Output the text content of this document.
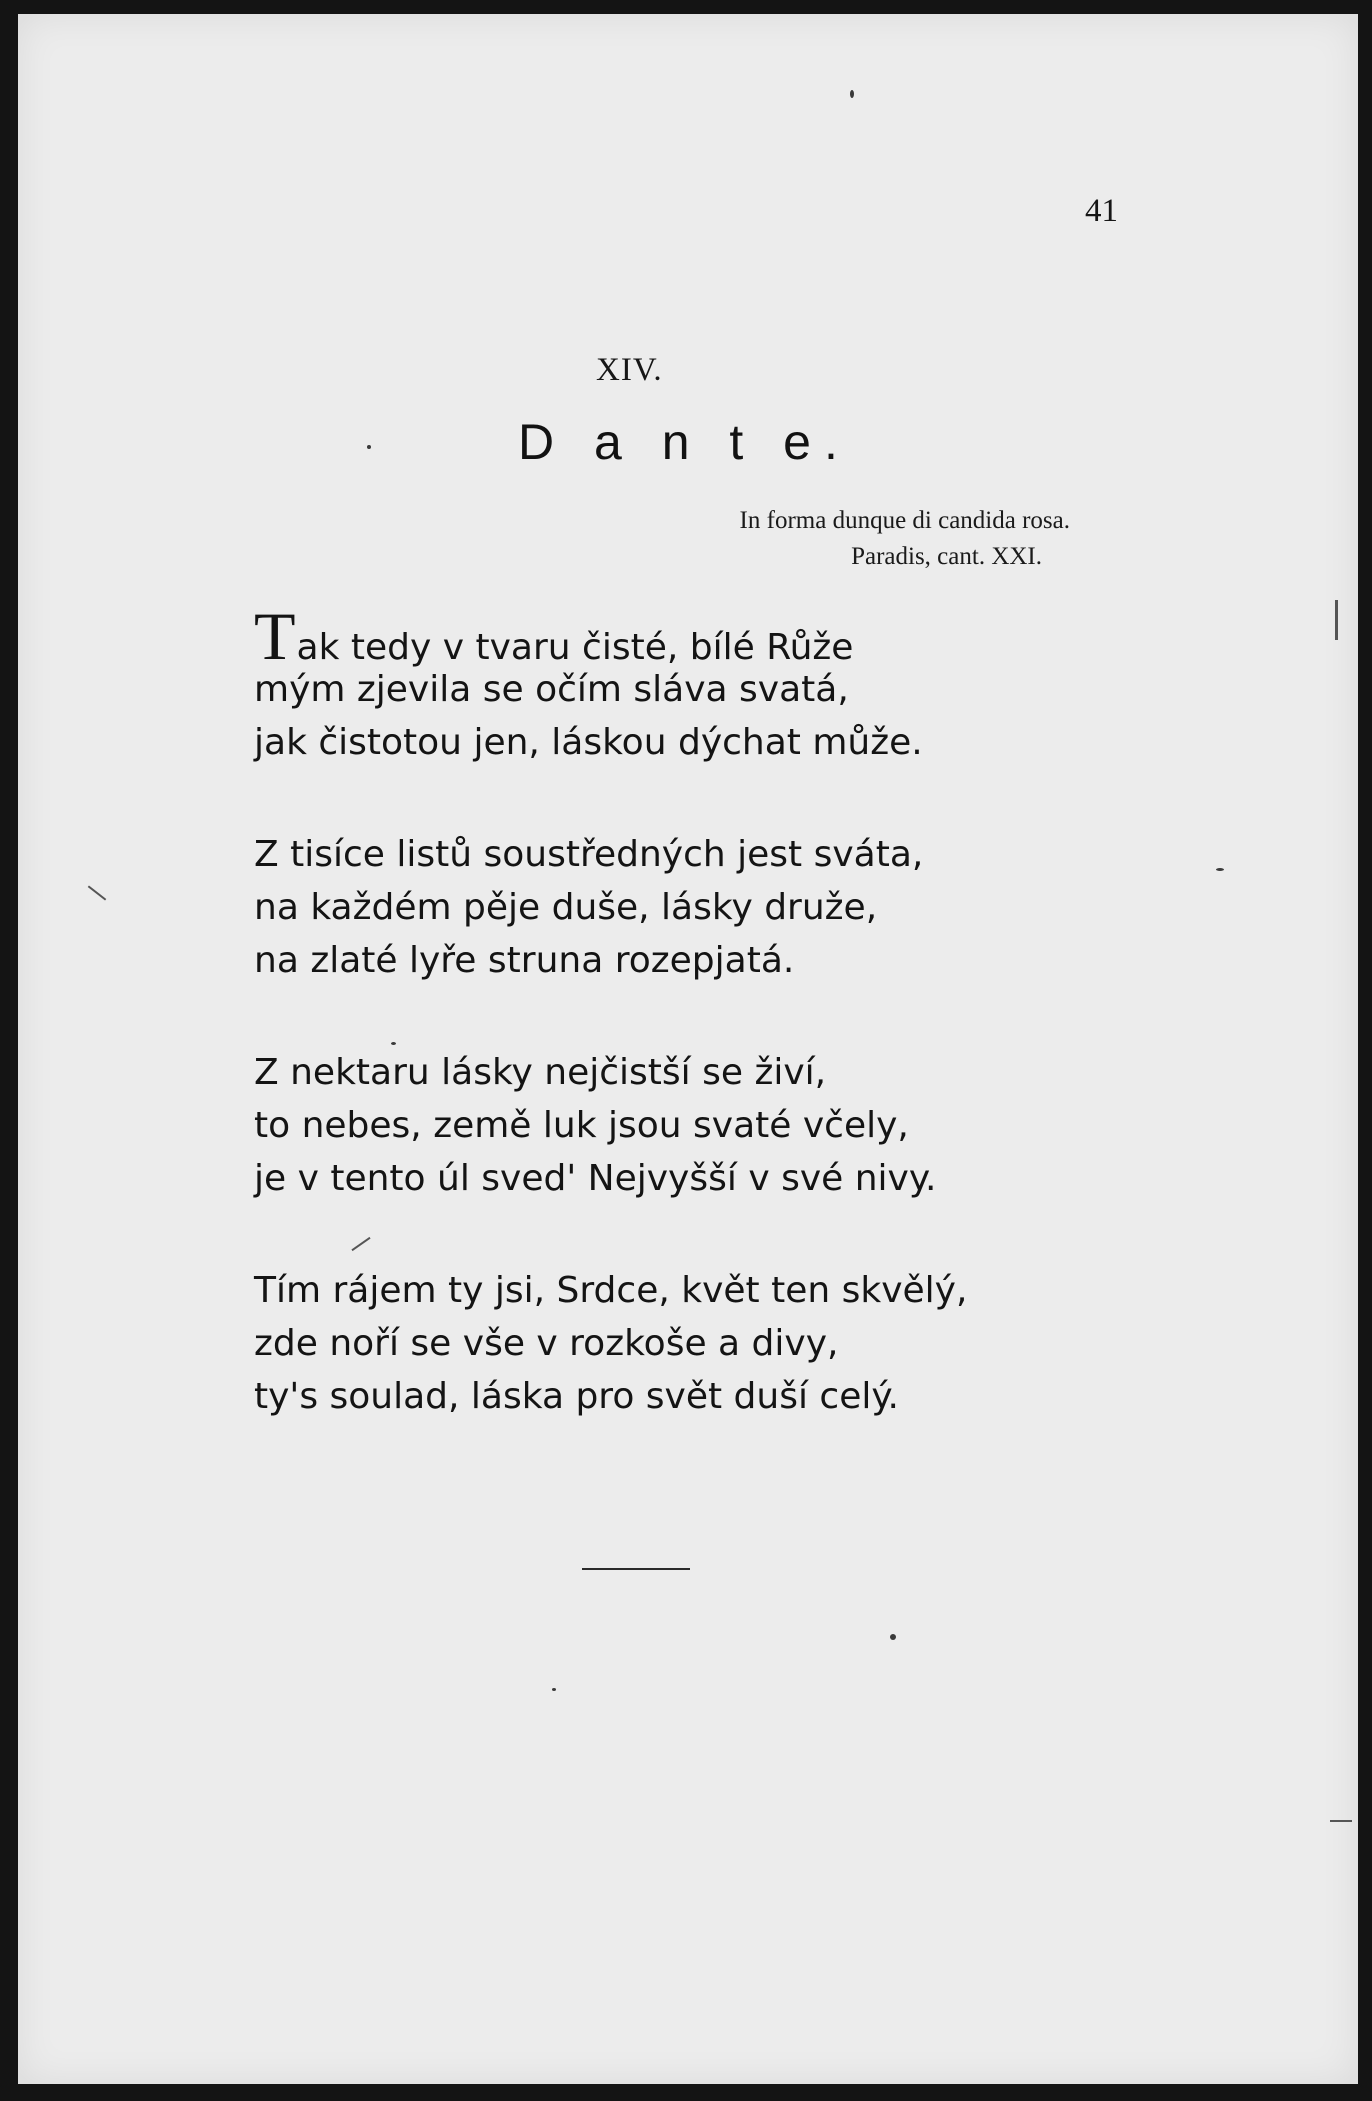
41
XIV.
D a n t e.
In forma dunque di candida rosa.
Paradis, cant. XXI.
Tak tedy v tvaru čisté, bílé Růže
mým zjevila se očím sláva svatá,
jak čistotou jen, láskou dýchat může.
Z tisíce listů soustředných jest sváta,
na každém pěje duše, lásky druže,
na zlaté lyře struna rozepjatá.
Z nektaru lásky nejčistší se živí,
to nebes, země luk jsou svaté včely,
je v tento úl sved' Nejvyšší v své nivy.
Tím rájem ty jsi, Srdce, květ ten skvělý,
zde noří se vše v rozkoše a divy,
ty's soulad, láska pro svět duší celý.
